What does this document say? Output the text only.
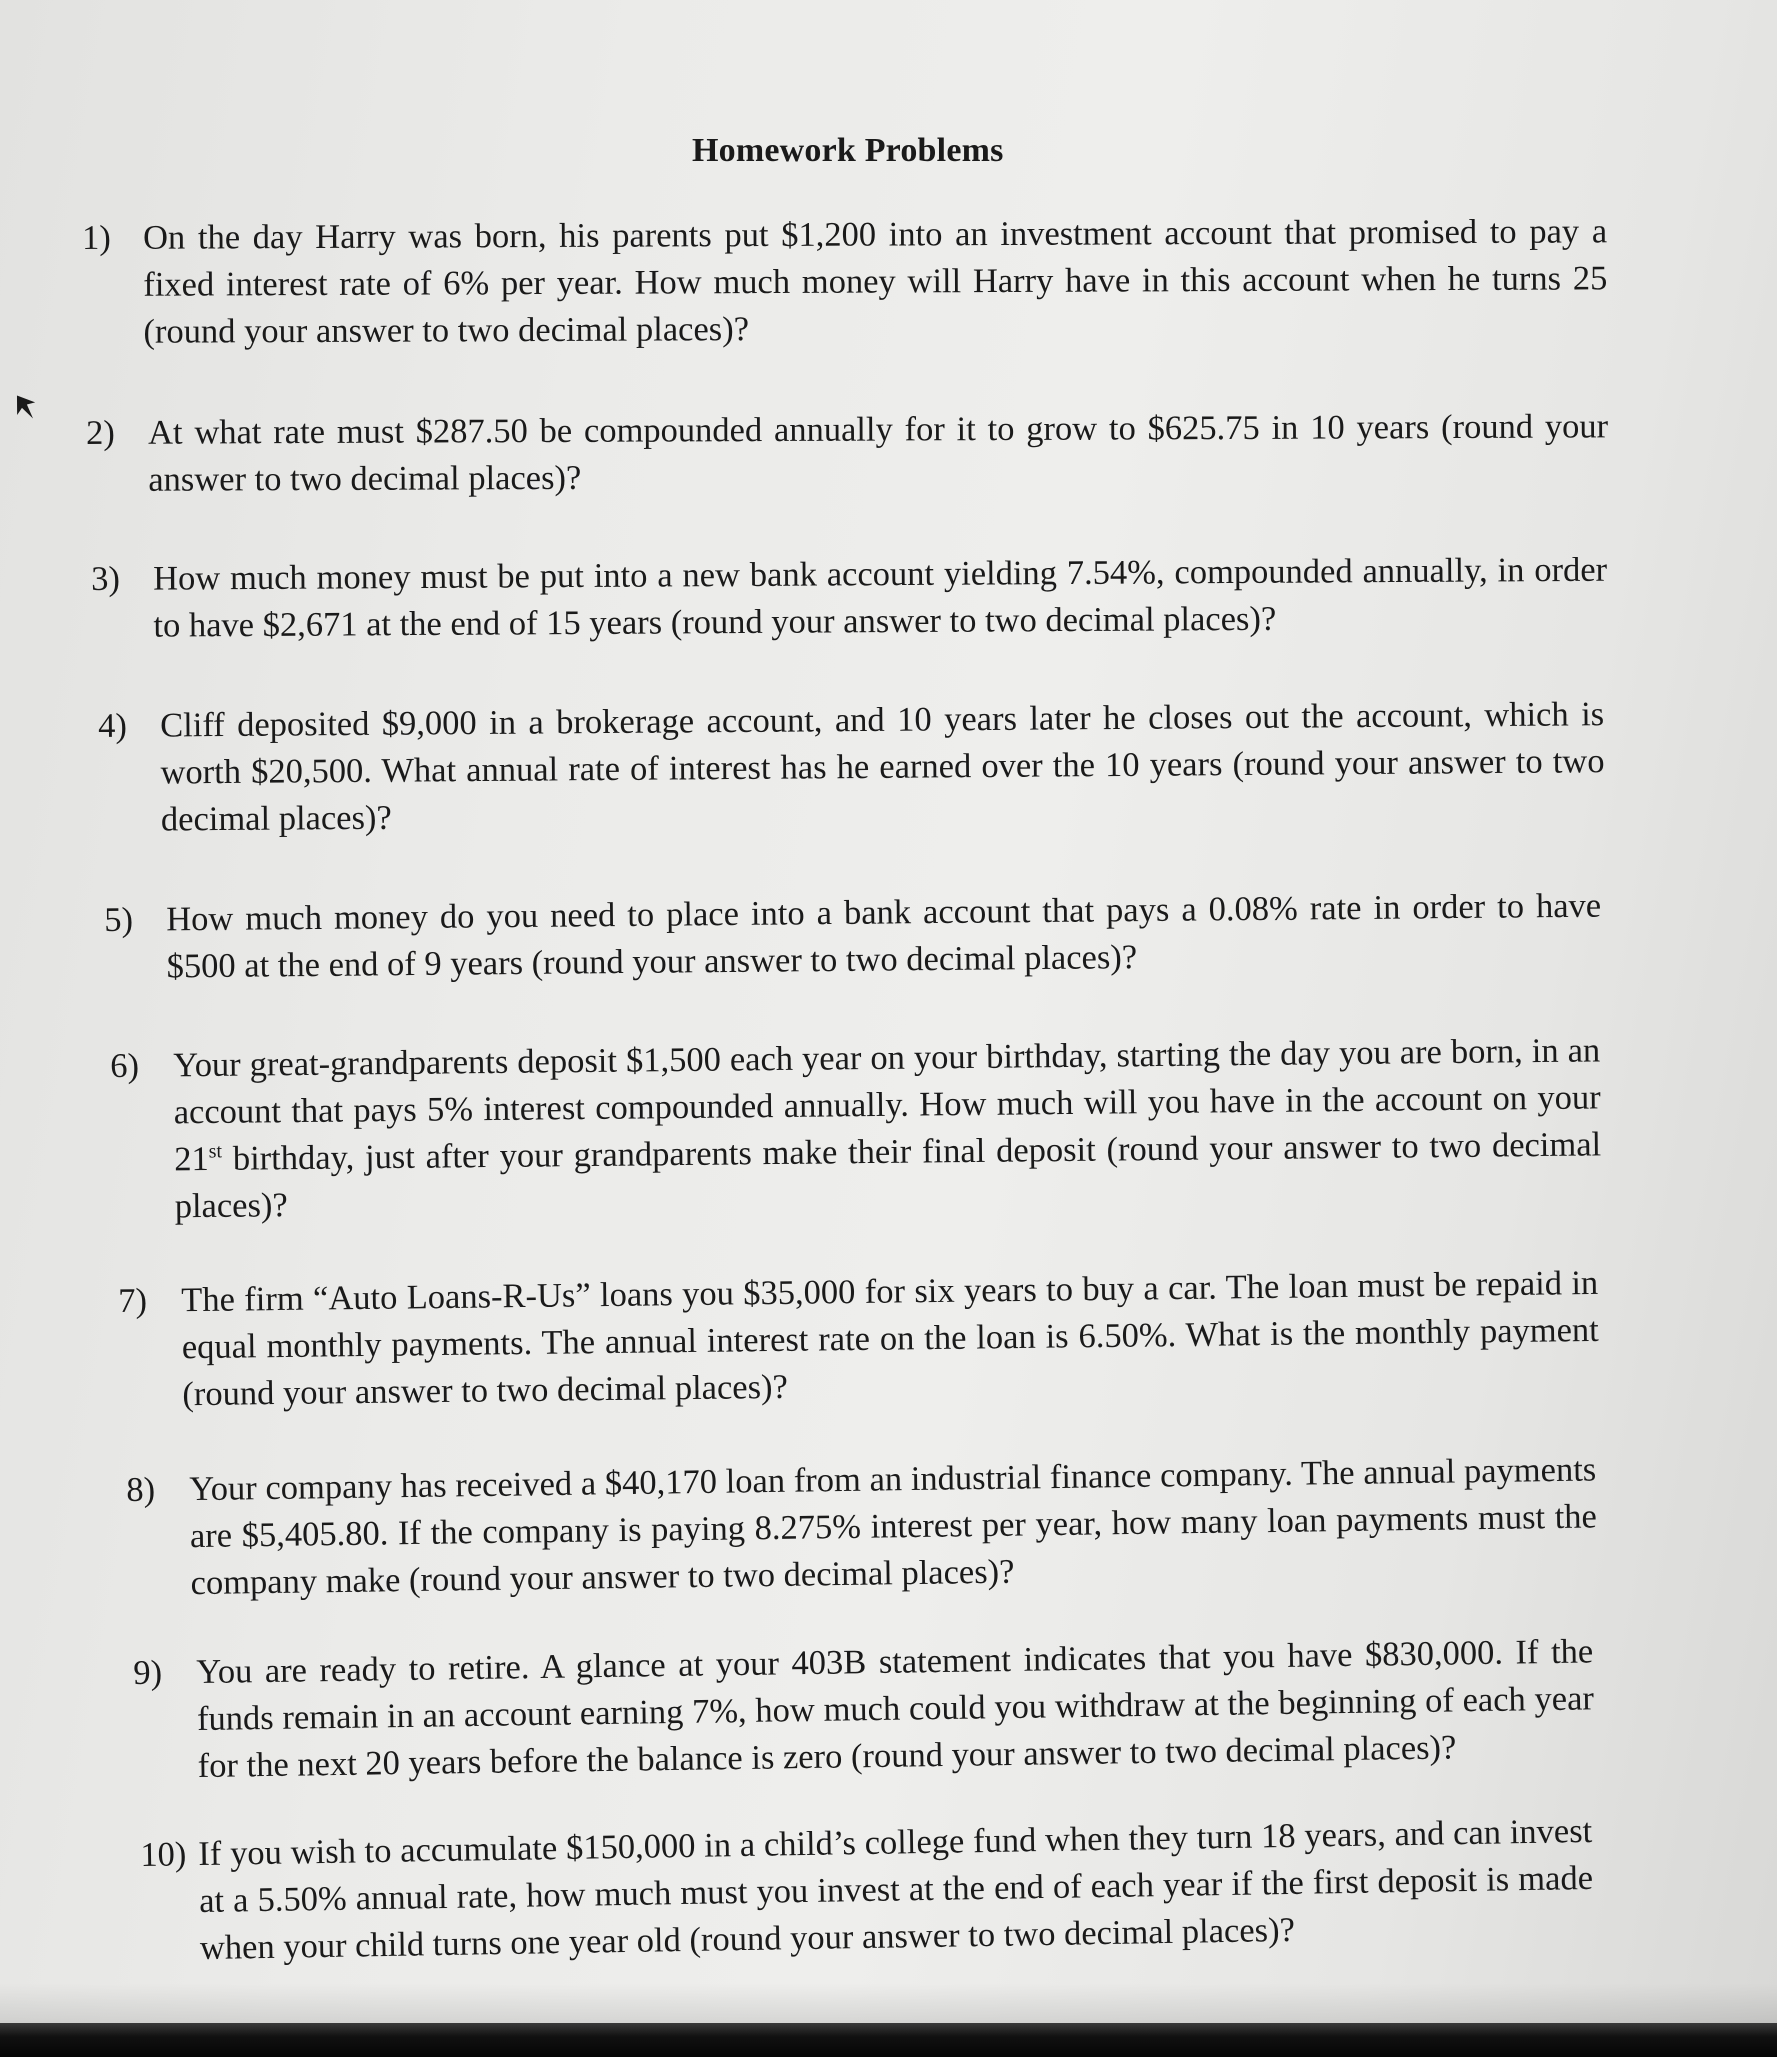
Homework Problems
1) On the day Harry was born, his parents put $1,200 into an investment account that promised to pay a fixed interest rate of 6% per year. How much money will Harry have in this account when he turns 25 (round your answer to two decimal places)?
2) At what rate must $287.50 be compounded annually for it to grow to $625.75 in 10 years (round your answer to two decimal places)?
3) How much money must be put into a new bank account yielding 7.54%, compounded annually, in order to have $2,671 at the end of 15 years (round your answer to two decimal places)?
4) Cliff deposited $9,000 in a brokerage account, and 10 years later he closes out the account, which is worth $20,500. What annual rate of interest has he earned over the 10 years (round your answer to two decimal places)?
5) How much money do you need to place into a bank account that pays a 0.08% rate in order to have $500 at the end of 9 years (round your answer to two decimal places)?
6) Your great-grandparents deposit $1,500 each year on your birthday, starting the day you are born, in an account that pays 5% interest compounded annually. How much will you have in the account on your 21st birthday, just after your grandparents make their final deposit (round your answer to two decimal places)?
7) The firm “Auto Loans-R-Us” loans you $35,000 for six years to buy a car. The loan must be repaid in equal monthly payments. The annual interest rate on the loan is 6.50%. What is the monthly payment (round your answer to two decimal places)?
8) Your company has received a $40,170 loan from an industrial finance company. The annual payments are $5,405.80. If the company is paying 8.275% interest per year, how many loan payments must the company make (round your answer to two decimal places)?
9) You are ready to retire. A glance at your 403B statement indicates that you have $830,000. If the funds remain in an account earning 7%, how much could you withdraw at the beginning of each year for the next 20 years before the balance is zero (round your answer to two decimal places)?
10) If you wish to accumulate $150,000 in a child’s college fund when they turn 18 years, and can invest at a 5.50% annual rate, how much must you invest at the end of each year if the first deposit is made when your child turns one year old (round your answer to two decimal places)?
